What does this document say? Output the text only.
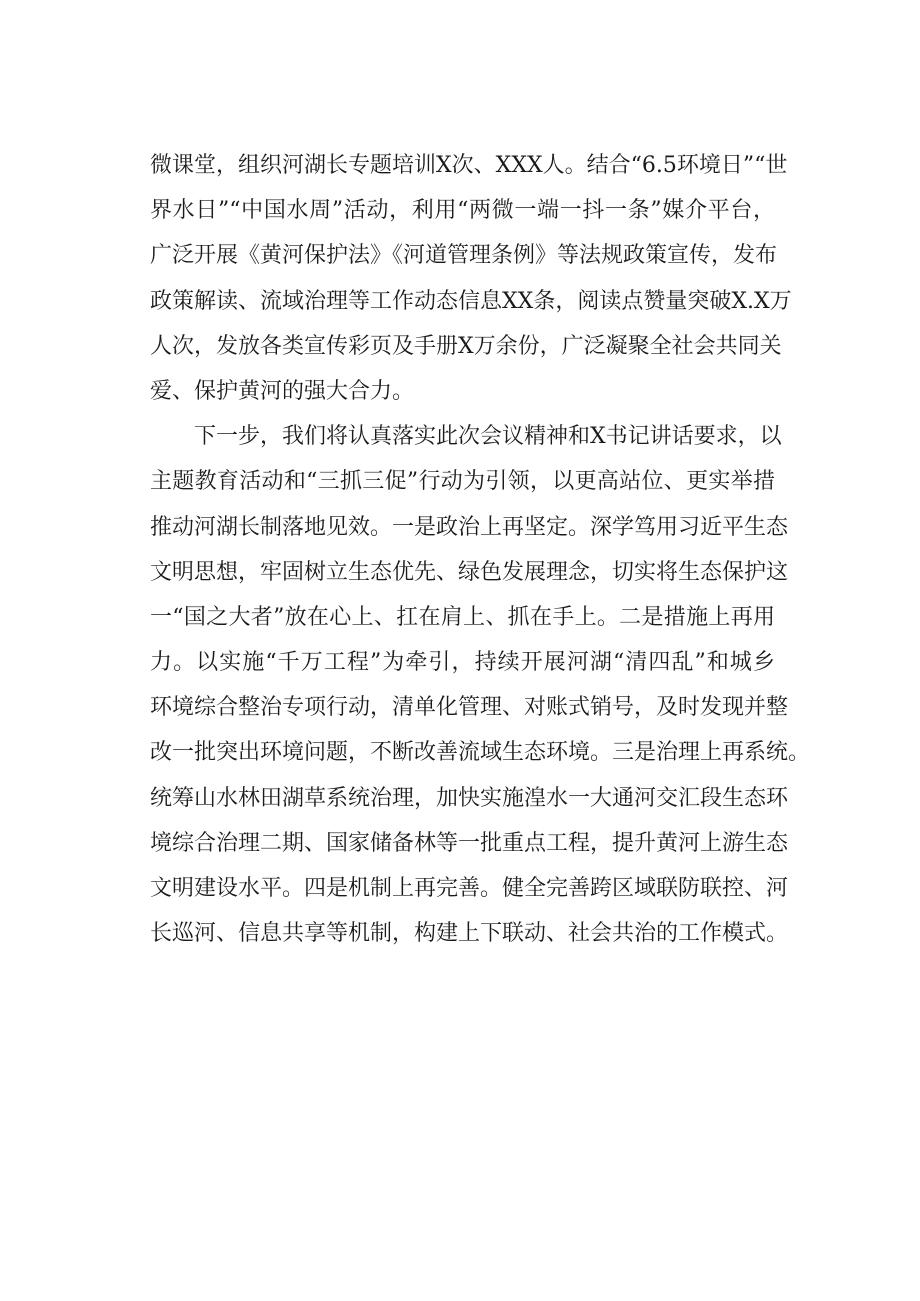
微课堂，组织河湖长专题培训X次、XXX人。结合“6.5环境日”“世

界水日”“中国水周”活动，利用“两微一端一抖一条”媒介平台，

广泛开展《黄河保护法》《河道管理条例》等法规政策宣传，发布

政策解读、流域治理等工作动态信息XX条，阅读点赞量突破X.X万

人次，发放各类宣传彩页及手册X万余份，广泛凝聚全社会共同关

爱、保护黄河的强大合力。

　　下一步，我们将认真落实此次会议精神和X书记讲话要求，以

主题教育活动和“三抓三促”行动为引领，以更高站位、更实举措

推动河湖长制落地见效。一是政治上再坚定。深学笃用习近平生态

文明思想，牢固树立生态优先、绿色发展理念，切实将生态保护这

一“国之大者”放在心上、扛在肩上、抓在手上。二是措施上再用

力。以实施“千万工程”为牵引，持续开展河湖“清四乱”和城乡

环境综合整治专项行动，清单化管理、对账式销号，及时发现并整

改一批突出环境问题，不断改善流域生态环境。三是治理上再系统。

统筹山水林田湖草系统治理，加快实施湟水一大通河交汇段生态环

境综合治理二期、国家储备林等一批重点工程，提升黄河上游生态

文明建设水平。四是机制上再完善。健全完善跨区域联防联控、河

长巡河、信息共享等机制，构建上下联动、社会共治的工作模式。
